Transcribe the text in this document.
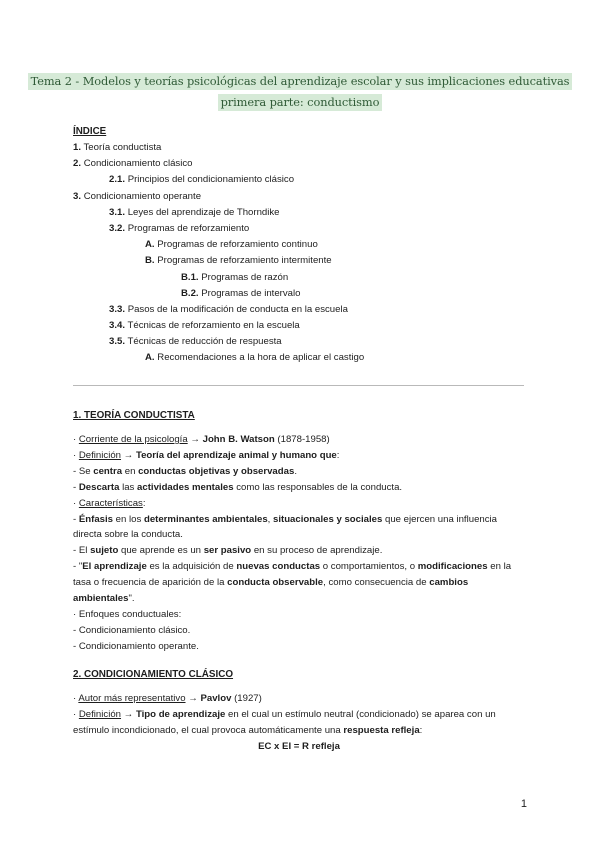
Tema 2 - Modelos y teorías psicológicas del aprendizaje escolar y sus implicaciones educativas
primera parte: conductismo
ÍNDICE
1. Teoría conductista
2. Condicionamiento clásico
2.1. Principios del condicionamiento clásico
3. Condicionamiento operante
3.1. Leyes del aprendizaje de Thorndike
3.2. Programas de reforzamiento
A. Programas de reforzamiento continuo
B. Programas de reforzamiento intermitente
B.1. Programas de razón
B.2. Programas de intervalo
3.3. Pasos de la modificación de conducta en la escuela
3.4. Técnicas de reforzamiento en la escuela
3.5. Técnicas de reducción de respuesta
A. Recomendaciones a la hora de aplicar el castigo

1. TEORÍA CONDUCTISTA

· Corriente de la psicología → John B. Watson (1878-1958)

· Definición → Teoría del aprendizaje animal y humano que:

- Se centra en conductas objetivas y observadas.

- Descarta las actividades mentales como las responsables de la conducta.

· Características:

- Énfasis en los determinantes ambientales, situacionales y sociales que ejercen una influencia directa sobre la conducta.

- El sujeto que aprende es un ser pasivo en su proceso de aprendizaje.

- "El aprendizaje es la adquisición de nuevas conductas o comportamientos, o modificaciones en la tasa o frecuencia de aparición de la conducta observable, como consecuencia de cambios ambientales".

· Enfoques conductuales:

- Condicionamiento clásico.

- Condicionamiento operante.

2. CONDICIONAMIENTO CLÁSICO

· Autor más representativo → Pavlov (1927)

· Definición → Tipo de aprendizaje en el cual un estímulo neutral (condicionado) se aparea con un estímulo incondicionado, el cual provoca automáticamente una respuesta refleja:

EC x EI = R refleja

1
